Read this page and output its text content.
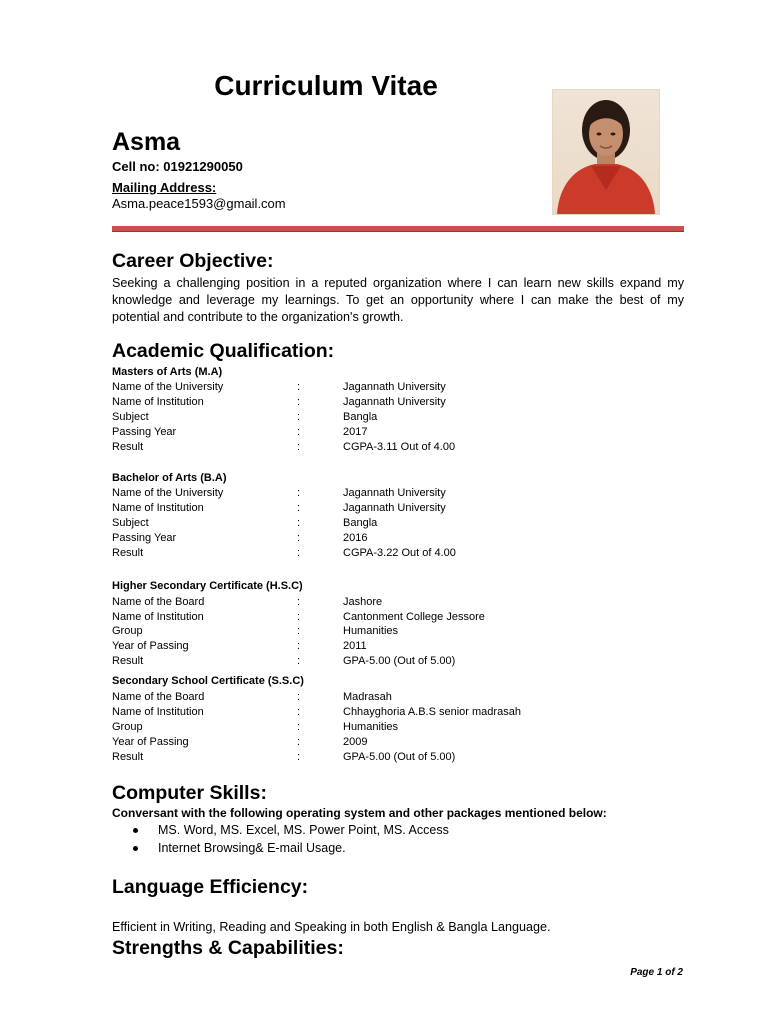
Curriculum Vitae
Asma
Cell no: 01921290050
Mailing Address:
Asma.peace1593@gmail.com
Career Objective:
Seeking a challenging position in a reputed organization where I can learn new skills expand my knowledge and leverage my learnings. To get an opportunity where I can make the best of my potential and contribute to the organization's growth.
Academic Qualification:
Masters of Arts (M.A)
Name of the University	:	Jagannath University
Name of Institution	:	Jagannath University
Subject	:	Bangla
Passing Year	:	2017
Result	:	CGPA-3.11 Out of 4.00
Bachelor of Arts (B.A)
Name of the University	:	Jagannath University
Name of Institution	:	Jagannath University
Subject	:	Bangla
Passing Year	:	2016
Result	:	CGPA-3.22 Out of 4.00
Higher Secondary Certificate (H.S.C)
Name of the Board	:	Jashore
Name of Institution	:	Cantonment College Jessore
Group	:	Humanities
Year of Passing	:	2011
Result	:	GPA-5.00 (Out of 5.00)
Secondary School Certificate (S.S.C)
Name of the Board	:	Madrasah
Name of Institution	:	Chhayghoria A.B.S senior madrasah
Group	:	Humanities
Year of Passing	:	2009
Result	:	GPA-5.00 (Out of 5.00)
Computer Skills:
Conversant with the following operating system and other packages mentioned below:
MS. Word, MS. Excel, MS. Power Point, MS. Access
Internet Browsing& E-mail Usage.
Language Efficiency:
Efficient in Writing, Reading and Speaking in both English & Bangla Language.
Strengths & Capabilities:
Page 1 of 2
